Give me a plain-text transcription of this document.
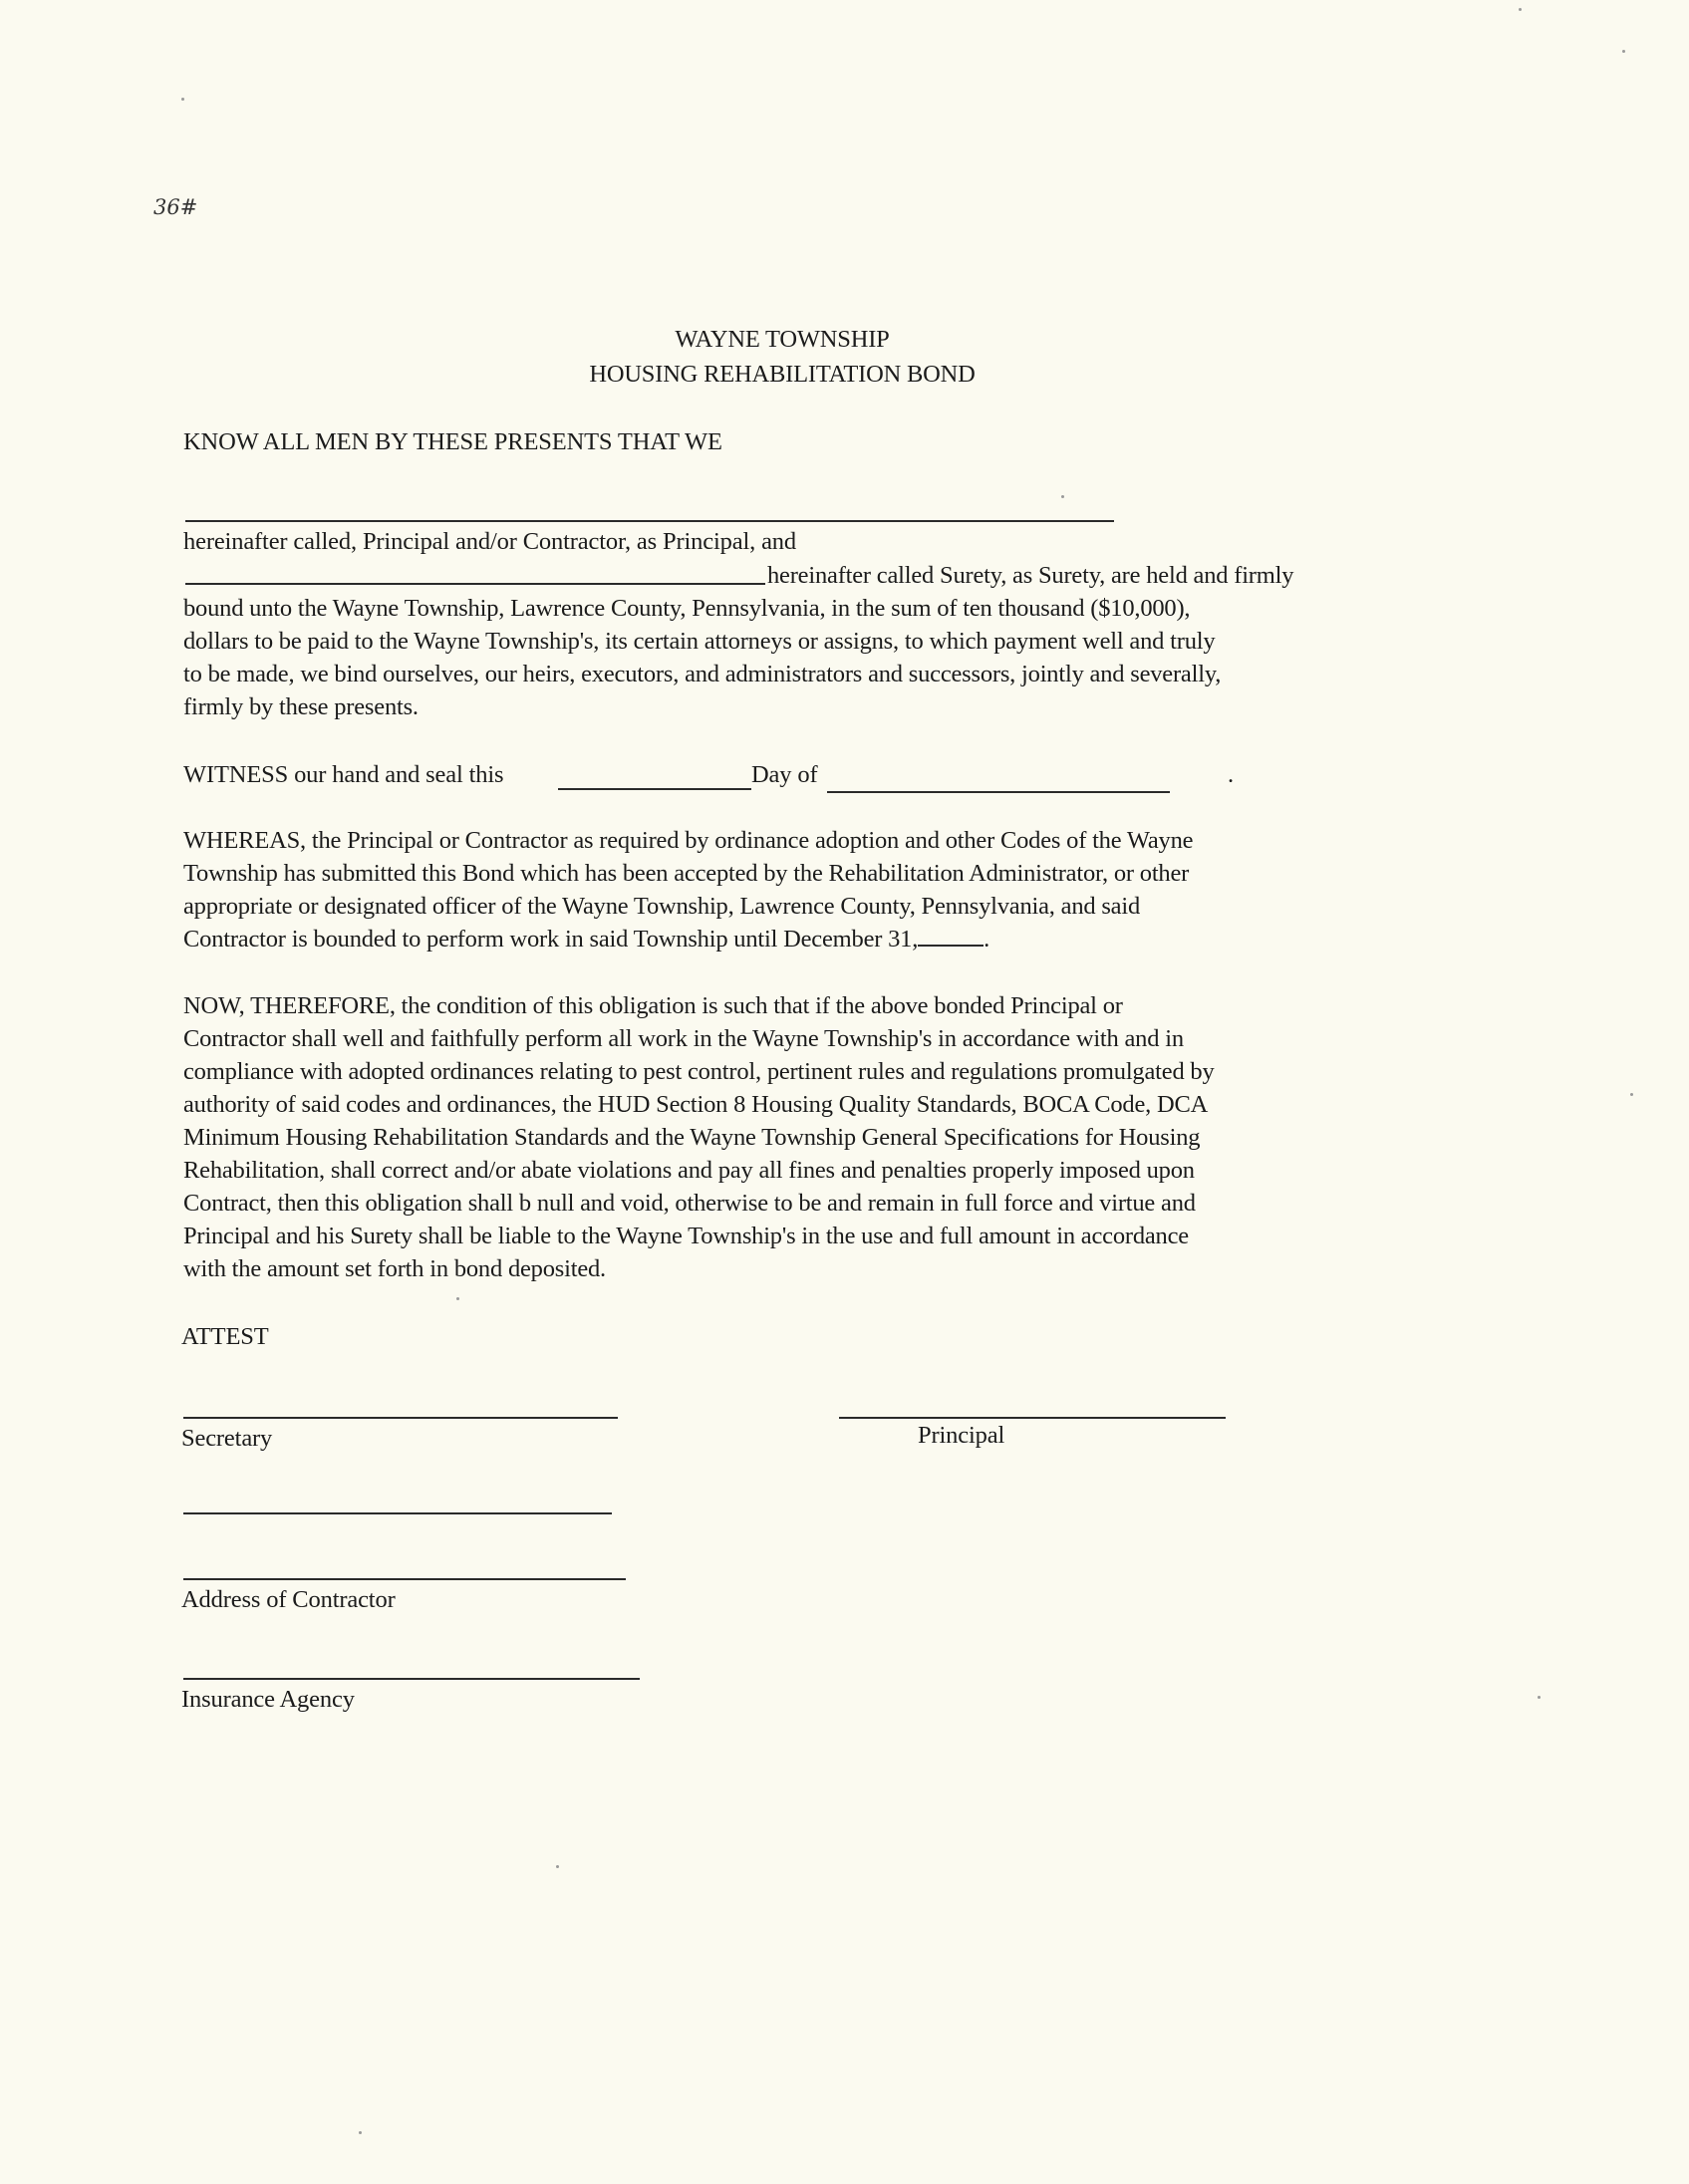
36#
WAYNE TOWNSHIP
HOUSING REHABILITATION BOND
KNOW ALL MEN BY THESE PRESENTS THAT WE
hereinafter called, Principal and/or Contractor, as Principal, and
hereinafter called Surety, as Surety, are held and firmly
bound unto the Wayne Township, Lawrence County, Pennsylvania, in the sum of ten thousand ($10,000),
dollars to be paid to the Wayne Township's, its certain attorneys or assigns, to which payment well and truly
to be made, we bind ourselves, our heirs, executors, and administrators and successors, jointly and severally,
firmly by these presents.
WITNESS our hand and seal this	Day of	.
WHEREAS, the Principal or Contractor as required by ordinance adoption and other Codes of the Wayne
Township has submitted this Bond which has been accepted by the Rehabilitation Administrator, or other
appropriate or designated officer of the Wayne Township, Lawrence County, Pennsylvania, and said
Contractor is bounded to perform work in said Township until December 31,	.
NOW, THEREFORE, the condition of this obligation is such that if the above bonded Principal or
Contractor shall well and faithfully perform all work in the Wayne Township's in accordance with and in
compliance with adopted ordinances relating to pest control, pertinent rules and regulations promulgated by
authority of said codes and ordinances, the HUD Section 8 Housing Quality Standards, BOCA Code, DCA
Minimum Housing Rehabilitation Standards and the Wayne Township General Specifications for Housing
Rehabilitation, shall correct and/or abate violations and pay all fines and penalties properly imposed upon
Contract, then this obligation shall b null and void, otherwise to be and remain in full force and virtue and
Principal and his Surety shall be liable to the Wayne Township's in the use and full amount in accordance
with the amount set forth in bond deposited.
ATTEST
Secretary	Principal
Address of Contractor
Insurance Agency
